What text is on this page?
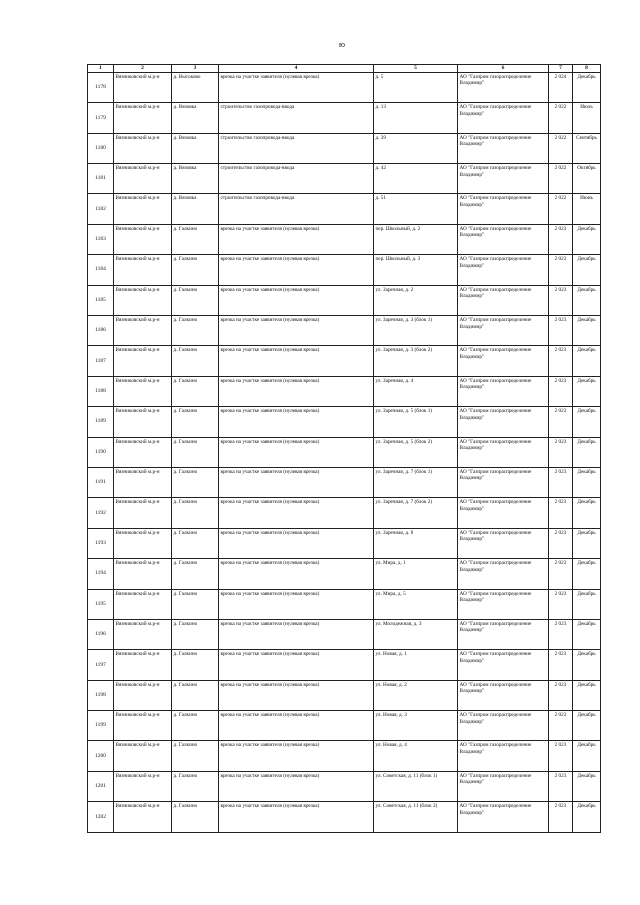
ю
1	2	3	4	5	6	7	8
1178	Вязниковский м.р-н	д. Высоково	врезка на участке заявителя (нулевая врезка)	д. 5	АО "Газпром газораспределение Владимир"	2 024	Декабрь
1179	Вязниковский м.р-н	д. Вязовка	строительство газопровода-ввода	д. 13	АО "Газпром газораспределение Владимир"	2 022	Июль
1180	Вязниковский м.р-н	д. Вязовка	строительство газопровода-ввода	д. 39	АО "Газпром газораспределение Владимир"	2 022	Сентябрь
1181	Вязниковский м.р-н	д. Вязовка	строительство газопровода-ввода	д. 42	АО "Газпром газораспределение Владимир"	2 022	Октябрь
1182	Вязниковский м.р-н	д. Вязовка	строительство газопровода-ввода	д. 51	АО "Газпром газораспределение Владимир"	2 022	Июнь
1183	Вязниковский м.р-н	д. Галкино	врезка на участке заявителя (нулевая врезка)	пер. Школьный, д. 2	АО "Газпром газораспределение Владимир"	2 023	Декабрь
1184	Вязниковский м.р-н	д. Галкино	врезка на участке заявителя (нулевая врезка)	пер. Школьный, д. 3	АО "Газпром газораспределение Владимир"	2 023	Декабрь
1185	Вязниковский м.р-н	д. Галкино	врезка на участке заявителя (нулевая врезка)	ул. Заречная, д. 2	АО "Газпром газораспределение Владимир"	2 023	Декабрь
1186	Вязниковский м.р-н	д. Галкино	врезка на участке заявителя (нулевая врезка)	ул. Заречная, д. 3 (блок 1)	АО "Газпром газораспределение Владимир"	2 023	Декабрь
1187	Вязниковский м.р-н	д. Галкино	врезка на участке заявителя (нулевая врезка)	ул. Заречная, д. 3 (блок 2)	АО "Газпром газораспределение Владимир"	2 023	Декабрь
1188	Вязниковский м.р-н	д. Галкино	врезка на участке заявителя (нулевая врезка)	ул. Заречная, д. 4	АО "Газпром газораспределение Владимир"	2 023	Декабрь
1189	Вязниковский м.р-н	д. Галкино	врезка на участке заявителя (нулевая врезка)	ул. Заречная, д. 5 (блок 1)	АО "Газпром газораспределение Владимир"	2 023	Декабрь
1190	Вязниковский м.р-н	д. Галкино	врезка на участке заявителя (нулевая врезка)	ул. Заречная, д. 5 (блок 2)	АО "Газпром газораспределение Владимир"	2 023	Декабрь
1191	Вязниковский м.р-н	д. Галкино	врезка на участке заявителя (нулевая врезка)	ул. Заречная, д. 7 (блок 1)	АО "Газпром газораспределение Владимир"	2 023	Декабрь
1192	Вязниковский м.р-н	д. Галкино	врезка на участке заявителя (нулевая врезка)	ул. Заречная, д. 7 (блок 2)	АО "Газпром газораспределение Владимир"	2 023	Декабрь
1193	Вязниковский м.р-н	д. Галкино	врезка на участке заявителя (нулевая врезка)	ул. Заречная, д. 8	АО "Газпром газораспределение Владимир"	2 023	Декабрь
1194	Вязниковский м.р-н	д. Галкино	врезка на участке заявителя (нулевая врезка)	ул. Мира, д. 1	АО "Газпром газораспределение Владимир"	2 023	Декабрь
1195	Вязниковский м.р-н	д. Галкино	врезка на участке заявителя (нулевая врезка)	ул. Мира, д. 5	АО "Газпром газораспределение Владимир"	2 023	Декабрь
1196	Вязниковский м.р-н	д. Галкино	врезка на участке заявителя (нулевая врезка)	ул. Молодежная, д. 3	АО "Газпром газораспределение Владимир"	2 023	Декабрь
1197	Вязниковский м.р-н	д. Галкино	врезка на участке заявителя (нулевая врезка)	ул. Новая, д. 1	АО "Газпром газораспределение Владимир"	2 023	Декабрь
1198	Вязниковский м.р-н	д. Галкино	врезка на участке заявителя (нулевая врезка)	ул. Новая, д. 2	АО "Газпром газораспределение Владимир"	2 023	Декабрь
1199	Вязниковский м.р-н	д. Галкино	врезка на участке заявителя (нулевая врезка)	ул. Новая, д. 3	АО "Газпром газораспределение Владимир"	2 023	Декабрь
1200	Вязниковский м.р-н	д. Галкино	врезка на участке заявителя (нулевая врезка)	ул. Новая, д. 4	АО "Газпром газораспределение Владимир"	2 023	Декабрь
1201	Вязниковский м.р-н	д. Галкино	врезка на участке заявителя (нулевая врезка)	ул. Советская, д. 11 (блок 1)	АО "Газпром газораспределение Владимир"	2 023	Декабрь
1202	Вязниковский м.р-н	д. Галкино	врезка на участке заявителя (нулевая врезка)	ул. Советская, д. 11 (блок 2)	АО "Газпром газораспределение Владимир"	2 023	Декабрь
